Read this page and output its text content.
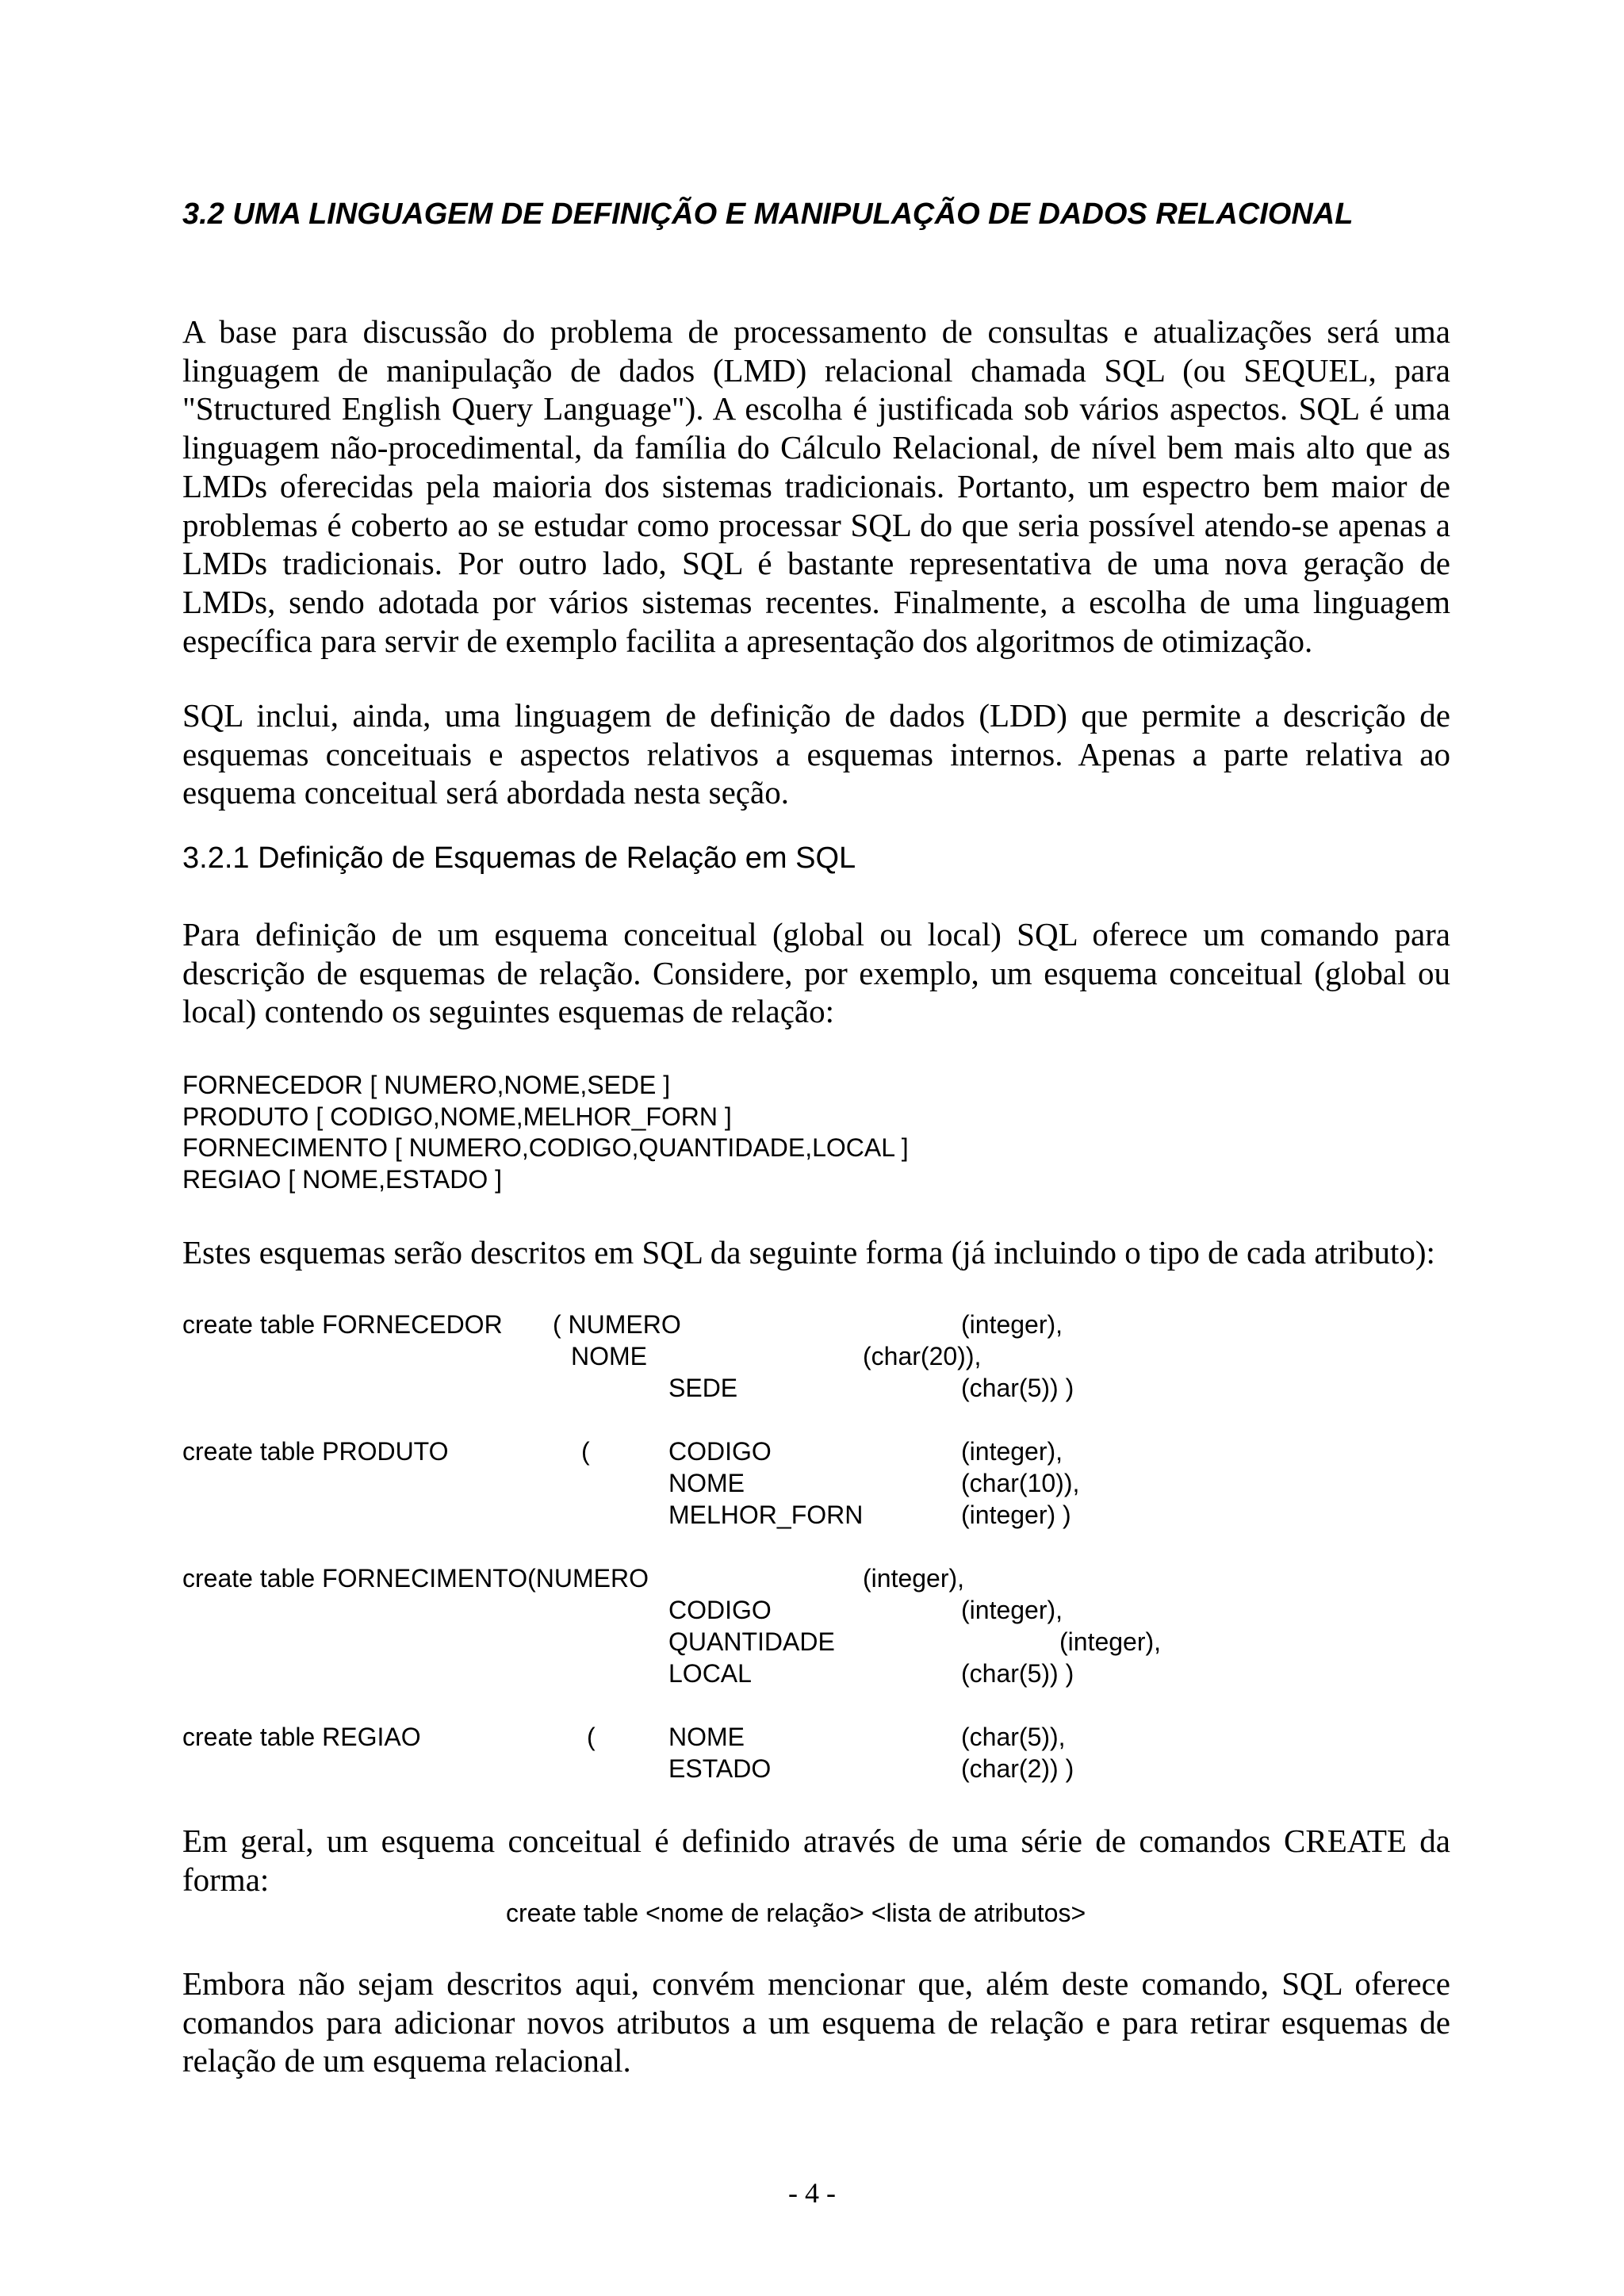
3.2 UMA LINGUAGEM DE DEFINIÇÃO E MANIPULAÇÃO DE DADOS RELACIONAL

A base para discussão do problema de processamento de consultas e atualizações será uma linguagem de manipulação de dados (LMD) relacional chamada SQL (ou SEQUEL, para "Structured English Query Language"). A escolha é justificada sob vários aspectos. SQL é uma linguagem não-procedimental, da família do Cálculo Relacional, de nível bem mais alto que as LMDs oferecidas pela maioria dos sistemas tradicionais. Portanto, um espectro bem maior de problemas é coberto ao se estudar como processar SQL do que seria possível atendo-se apenas a LMDs tradicionais. Por outro lado, SQL é bastante representativa de uma nova geração de LMDs, sendo adotada por vários sistemas recentes. Finalmente, a escolha de uma linguagem específica para servir de exemplo facilita a apresentação dos algoritmos de otimização.

SQL inclui, ainda, uma linguagem de definição de dados (LDD) que permite a descrição de esquemas conceituais e aspectos relativos a esquemas internos. Apenas a parte relativa ao esquema conceitual será abordada nesta seção.

3.2.1 Definição de Esquemas de Relação em SQL

Para definição de um esquema conceitual (global ou local) SQL oferece um comando para descrição de esquemas de relação. Considere, por exemplo, um esquema conceitual (global ou local) contendo os seguintes esquemas de relação:

FORNECEDOR [ NUMERO,NOME,SEDE ]
PRODUTO [ CODIGO,NOME,MELHOR_FORN ]
FORNECIMENTO [ NUMERO,CODIGO,QUANTIDADE,LOCAL ]
REGIAO [ NOME,ESTADO ]

Estes esquemas serão descritos em SQL da seguinte forma (já incluindo o tipo de cada atributo):

create table FORNECEDOR ( NUMERO	(integer),
NOME	(char(20)),
SEDE	(char(5)) )
create table PRODUTO	(	CODIGO	(integer),
NOME	(char(10)),
MELHOR_FORN	(integer) )
create table FORNECIMENTO(NUMERO	(integer),
CODIGO	(integer),
QUANTIDADE	(integer),
LOCAL	(char(5)) )
create table REGIAO	(	NOME	(char(5)),
ESTADO	(char(2)) )

Em geral, um esquema conceitual é definido através de uma série de comandos CREATE da forma:

create table <nome de relação> <lista de atributos>

Embora não sejam descritos aqui, convém mencionar que, além deste comando, SQL oferece comandos para adicionar novos atributos a um esquema de relação e para retirar esquemas de relação de um esquema relacional.

- 4 -
